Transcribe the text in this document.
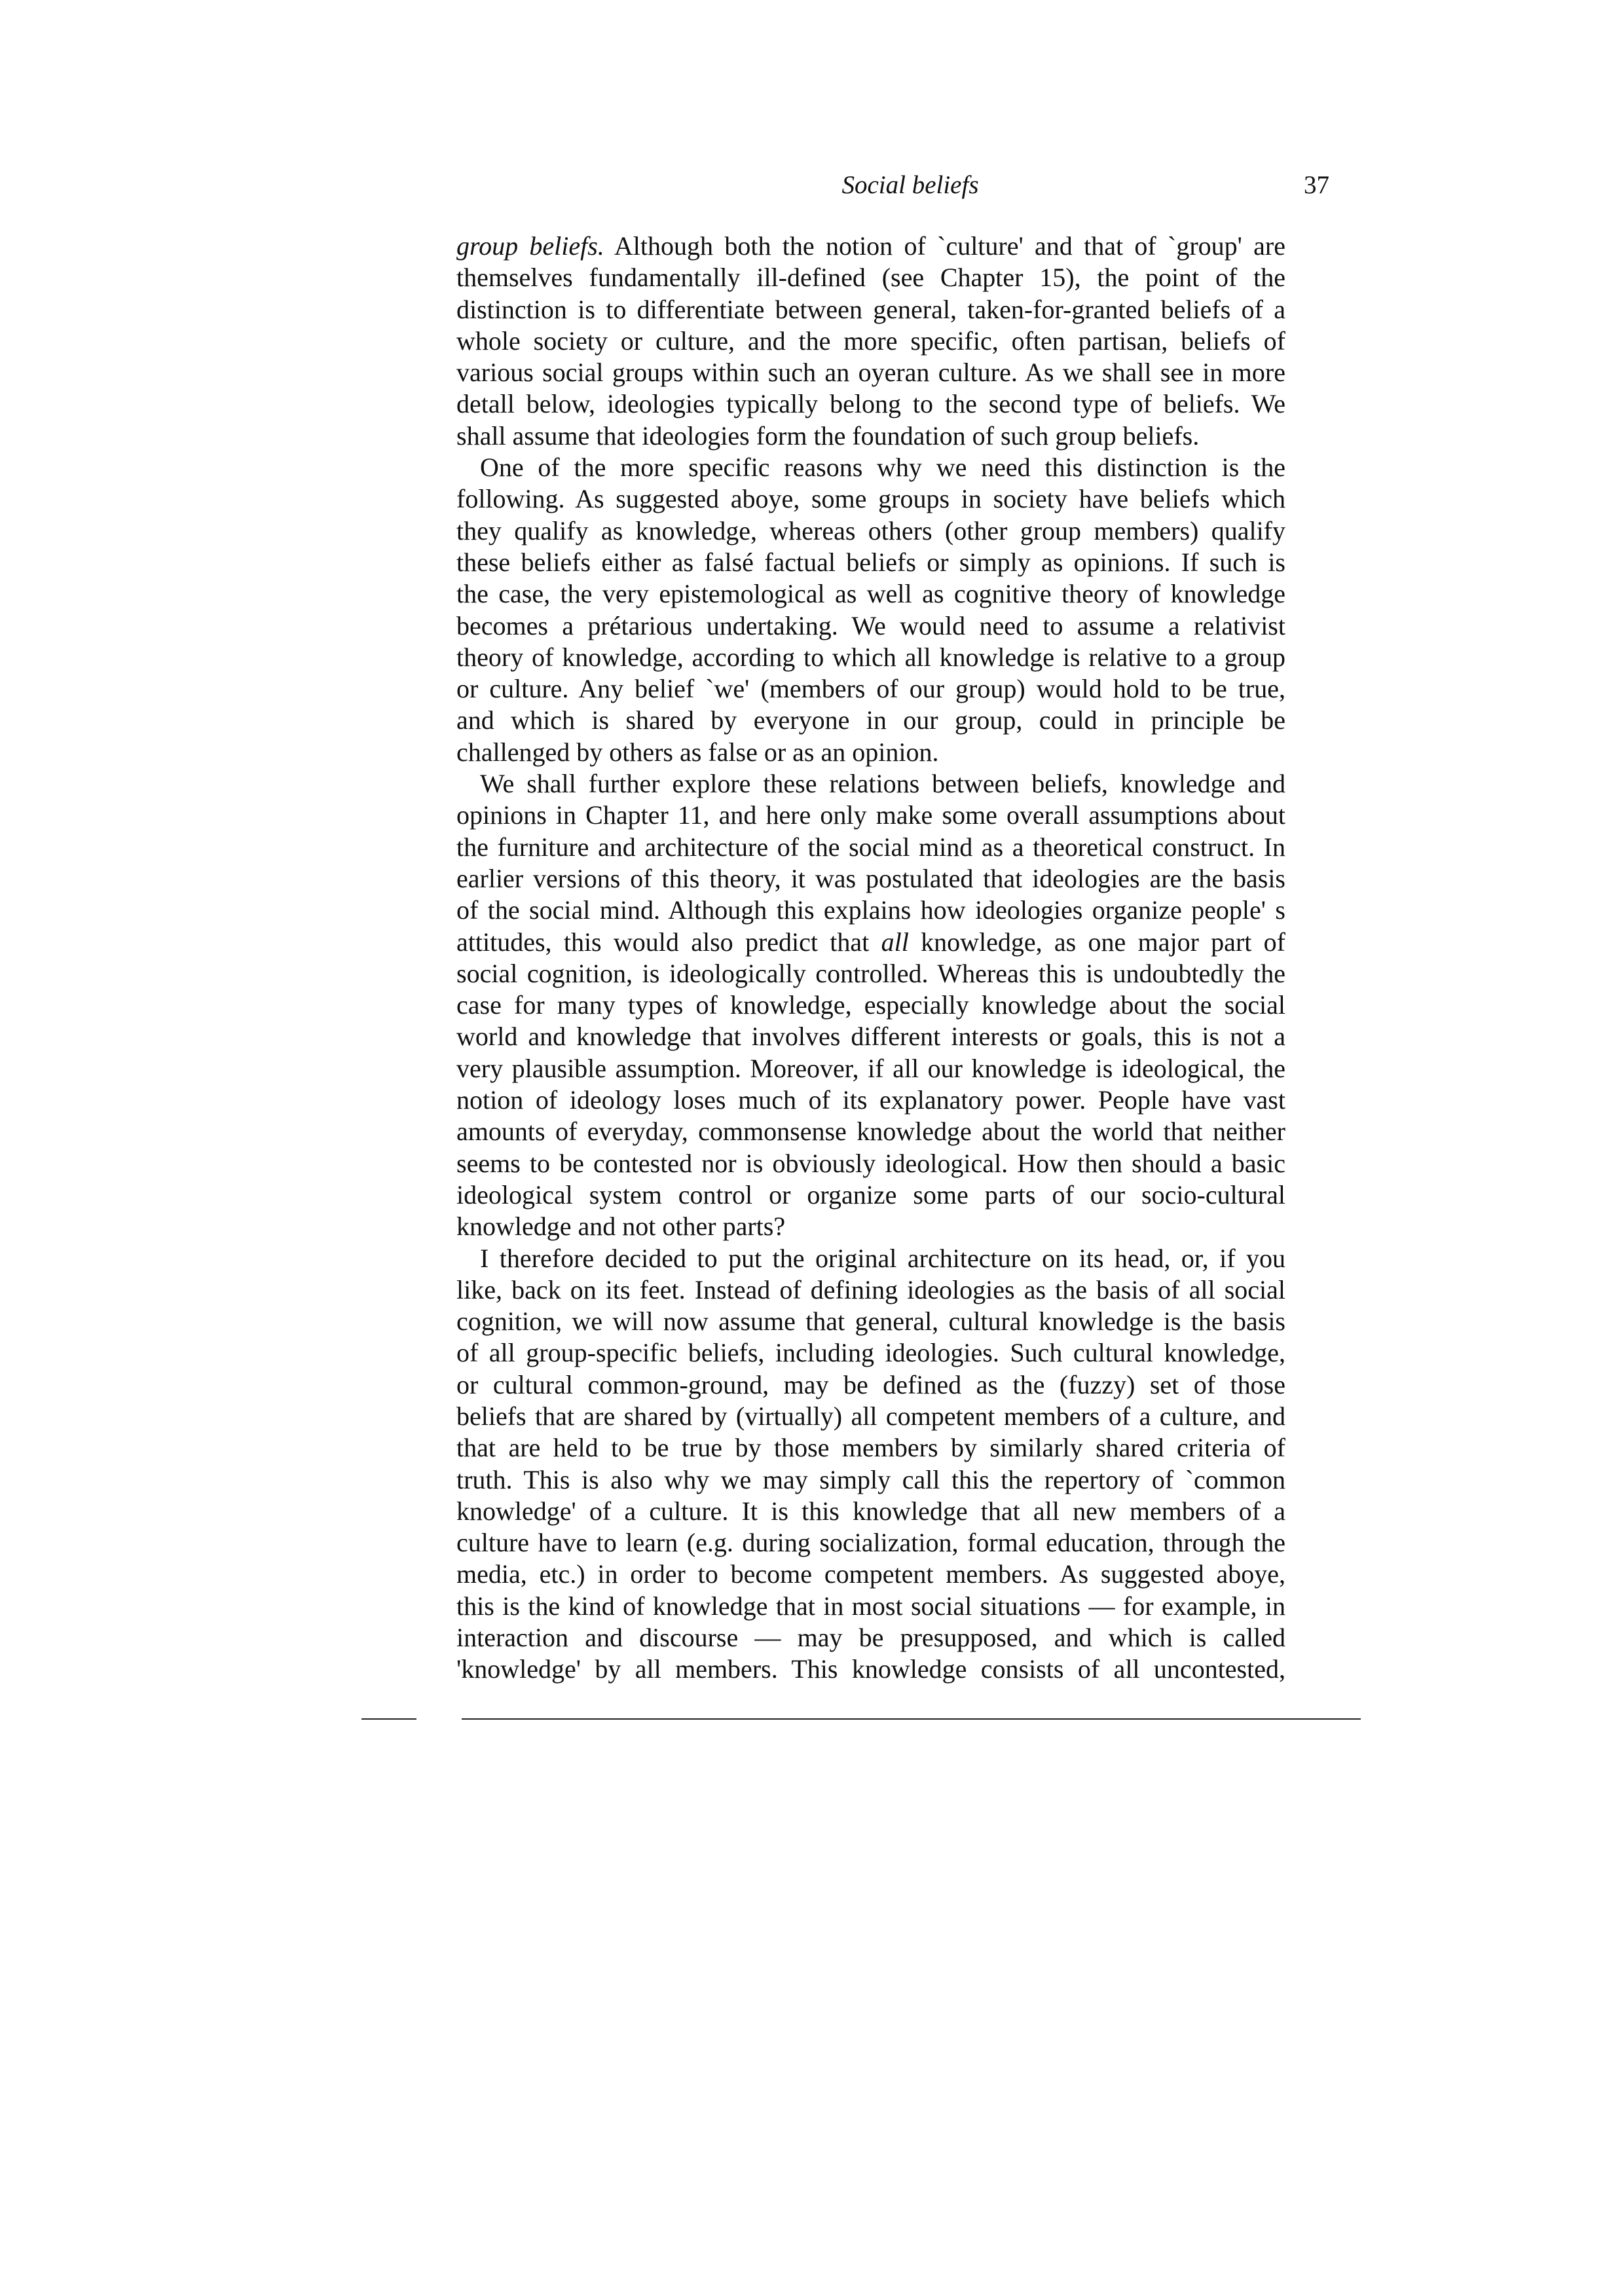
Social beliefs	37

group beliefs. Although both the notion of `culture' and that of `group' are
themselves fundamentally ill-defined (see Chapter 15), the point of the
distinction is to differentiate between general, taken-for-granted beliefs of a
whole society or culture, and the more specific, often partisan, beliefs of
various social groups within such an oyeran culture. As we shall see in more
detall below, ideologies typically belong to the second type of beliefs. We
shall assume that ideologies form the foundation of such group beliefs.

One of the more specific reasons why we need this distinction is the
following. As suggested aboye, some groups in society have beliefs which
they qualify as knowledge, whereas others (other group members) qualify
these beliefs either as falsé factual beliefs or simply as opinions. If such is
the case, the very epistemological as well as cognitive theory of knowledge
becomes a prétarious undertaking. We would need to assume a relativist
theory of knowledge, according to which all knowledge is relative to a group
or culture. Any belief `we' (members of our group) would hold to be true,
and which is shared by everyone in our group, could in principle be
challenged by others as false or as an opinion.

We shall further explore these relations between beliefs, knowledge and
opinions in Chapter 11, and here only make some overall assumptions about
the furniture and architecture of the social mind as a theoretical construct. In
earlier versions of this theory, it was postulated that ideologies are the basis
of the social mind. Although this explains how ideologies organize people' s
attitudes, this would also predict that all knowledge, as one major part of
social cognition, is ideologically controlled. Whereas this is undoubtedly the
case for many types of knowledge, especially knowledge about the social
world and knowledge that involves different interests or goals, this is not a
very plausible assumption. Moreover, if all our knowledge is ideological, the
notion of ideology loses much of its explanatory power. People have vast
amounts of everyday, commonsense knowledge about the world that neither
seems to be contested nor is obviously ideological. How then should a basic
ideological system control or organize some parts of our socio-cultural
knowledge and not other parts?

I therefore decided to put the original architecture on its head, or, if you
like, back on its feet. Instead of defining ideologies as the basis of all social
cognition, we will now assume that general, cultural knowledge is the basis
of all group-specific beliefs, including ideologies. Such cultural knowledge,
or cultural common-ground, may be defined as the (fuzzy) set of those
beliefs that are shared by (virtually) all competent members of a culture, and
that are held to be true by those members by similarly shared criteria of
truth. This is also why we may simply call this the repertory of `common
knowledge' of a culture. It is this knowledge that all new members of a
culture have to learn (e.g. during socialization, formal education, through the
media, etc.) in order to become competent members. As suggested aboye,
this is the kind of knowledge that in most social situations — for example, in
interaction and discourse — may be presupposed, and which is called
'knowledge' by all members. This knowledge consists of all uncontested,
